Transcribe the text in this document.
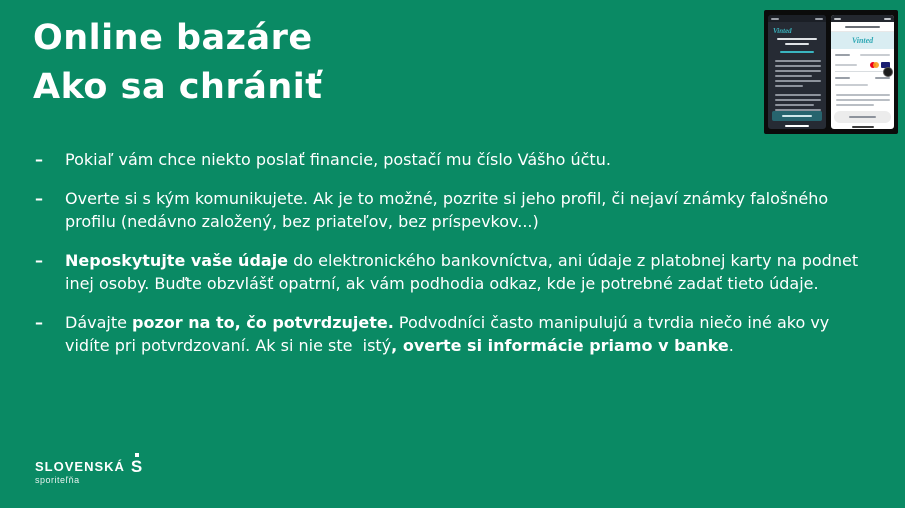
Online bazáre
Ako sa chrániť
–	Pokiaľ vám chce niekto poslať financie, postačí mu číslo Vášho účtu.
–	Overte si s kým komunikujete. Ak je to možné, pozrite si jeho profil, či nejaví známky falošného profilu (nedávno založený, bez priateľov, bez príspevkov...)
–	Neposkytujte vaše údaje do elektronického bankovníctva, ani údaje z platobnej karty na podnet inej osoby. Buďte obzvlášť opatrní, ak vám podhodia odkaz, kde je potrebné zadať tieto údaje.
–	Dávajte pozor na to, čo potvrdzujete. Podvodníci často manipulujú a tvrdia niečo iné ako vy vidíte pri potvrdzovaní. Ak si nie ste  istý, overte si informácie priamo v banke.
SLOVENSKÁ S
sporiteľňa
Vinted
Vinted
